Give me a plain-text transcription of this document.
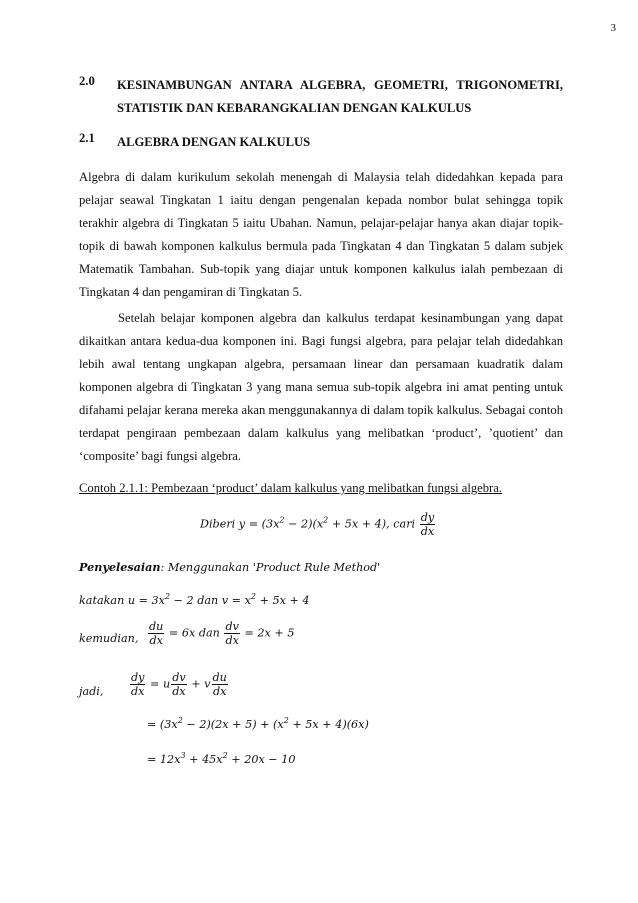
3
2.0	KESINAMBUNGAN ANTARA ALGEBRA, GEOMETRI, TRIGONOMETRI, STATISTIK DAN KEBARANGKALIAN DENGAN KALKULUS
2.1	ALGEBRA DENGAN KALKULUS

Algebra di dalam kurikulum sekolah menengah di Malaysia telah didedahkan kepada para pelajar seawal Tingkatan 1 iaitu dengan pengenalan kepada nombor bulat sehingga topik terakhir algebra di Tingkatan 5 iaitu Ubahan. Namun, pelajar-pelajar hanya akan diajar topik-topik di bawah komponen kalkulus bermula pada Tingkatan 4 dan Tingkatan 5 dalam subjek Matematik Tambahan. Sub-topik yang diajar untuk komponen kalkulus ialah pembezaan di Tingkatan 4 dan pengamiran di Tingkatan 5.

Setelah belajar komponen algebra dan kalkulus terdapat kesinambungan yang dapat dikaitkan antara kedua-dua komponen ini. Bagi fungsi algebra, para pelajar telah didedahkan lebih awal tentang ungkapan algebra, persamaan linear dan persamaan kuadratik dalam komponen algebra di Tingkatan 3 yang mana semua sub-topik algebra ini amat penting untuk difahami pelajar kerana mereka akan menggunakannya di dalam topik kalkulus. Sebagai contoh terdapat pengiraan pembezaan dalam kalkulus yang melibatkan ‘product’, ’quotient’ dan ‘composite’ bagi fungsi algebra.

Contoh 2.1.1: Pembezaan ‘product’ dalam kalkulus yang melibatkan fungsi algebra.
Diberi $y = (3x^2 - 2)(x^2 + 5x + 4)$, cari $\frac{dy}{dx}$
Penyelesaian: Menggunakan 'Product Rule Method'
katakan $u = 3x^2 - 2$ dan $v = x^2 + 5x + 4$
kemudian, $\frac{du}{dx} = 6x$ dan $\frac{dv}{dx} = 2x + 5$
jadi, $\frac{dy}{dx} = u \frac{dv}{dx} + v \frac{du}{dx}$
= $(3x^2 - 2)(2x + 5) + (x^2 + 5x + 4)(6x)$
= $12x^3 + 45x^2 + 20x - 10$
